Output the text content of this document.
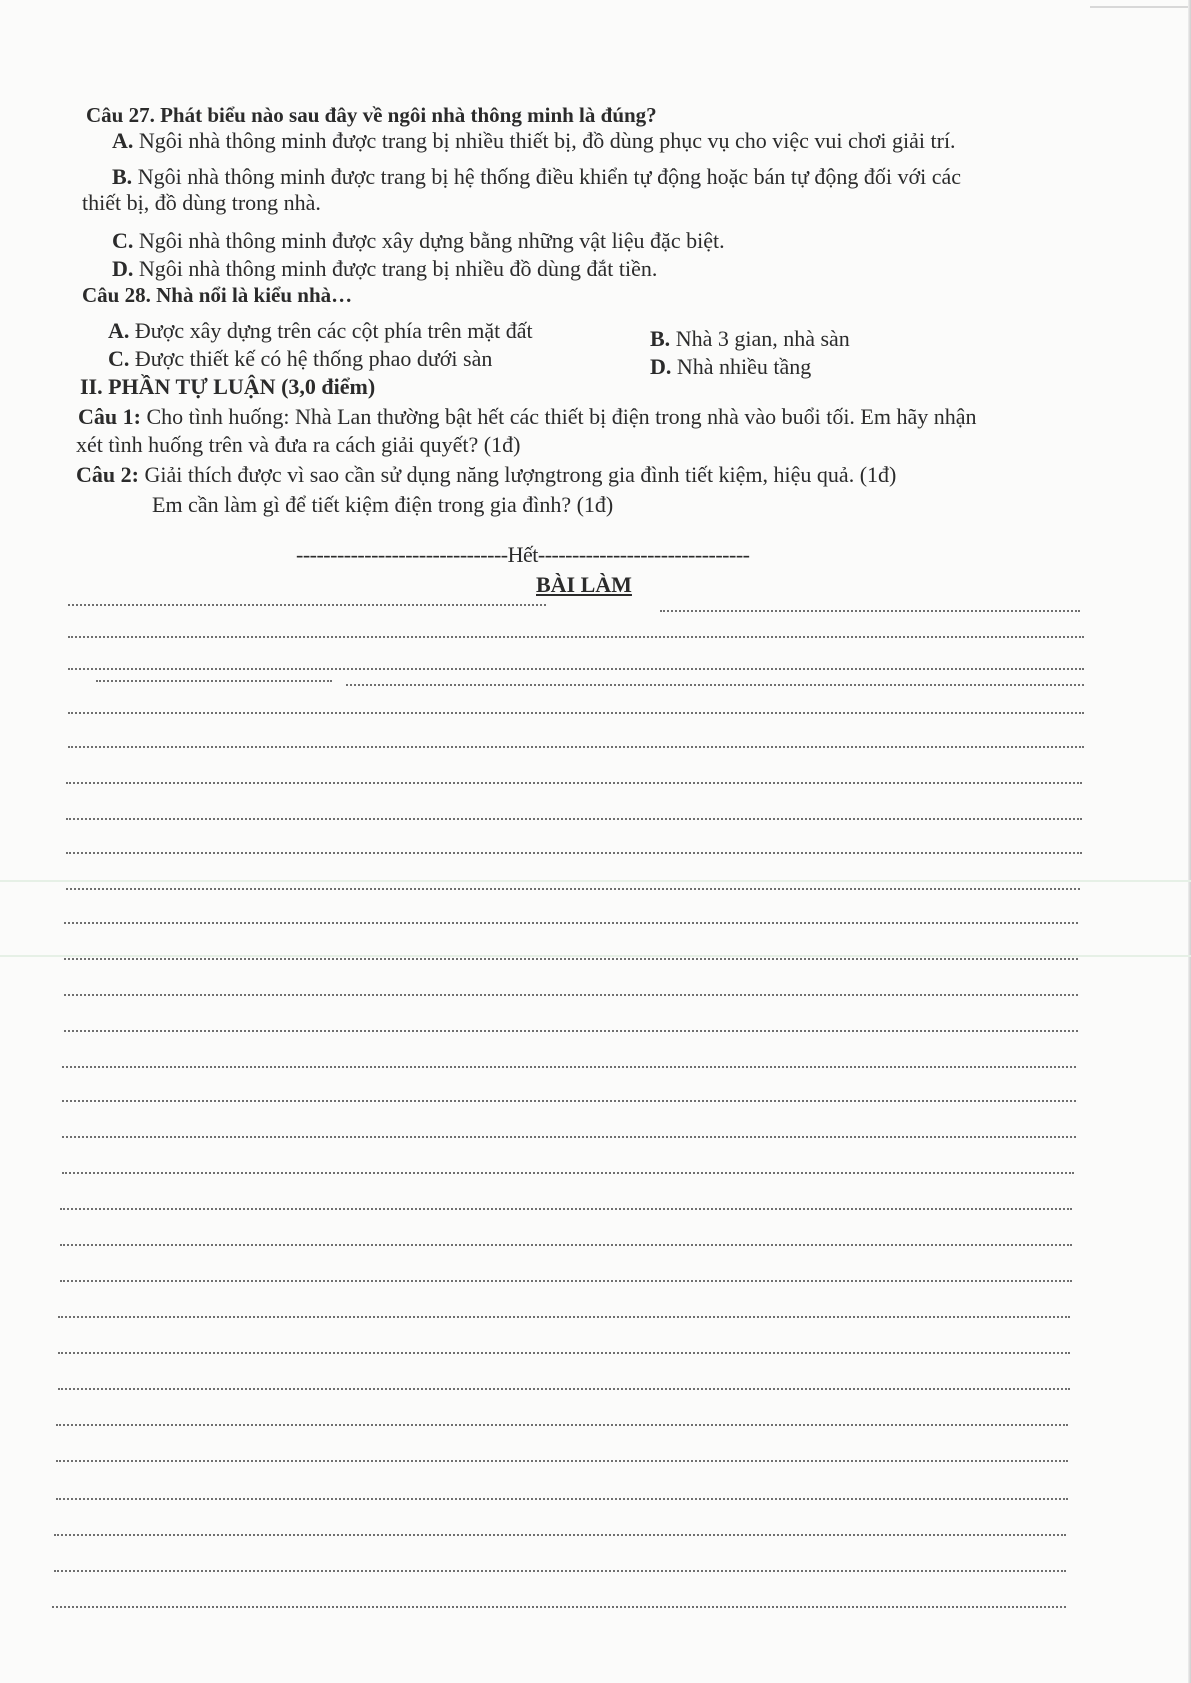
Câu 27. Phát biểu nào sau đây về ngôi nhà thông minh là đúng?
A. Ngôi nhà thông minh được trang bị nhiều thiết bị, đồ dùng phục vụ cho việc vui chơi giải trí.
B. Ngôi nhà thông minh được trang bị hệ thống điều khiển tự động hoặc bán tự động đối với các
thiết bị, đồ dùng trong nhà.
C. Ngôi nhà thông minh được xây dựng bằng những vật liệu đặc biệt.
D. Ngôi nhà thông minh được trang bị nhiều đồ dùng đắt tiền.
Câu 28. Nhà nổi là kiểu nhà…
A. Được xây dựng trên các cột phía trên mặt đất	B. Nhà 3 gian, nhà sàn
C. Được thiết kế có hệ thống phao dưới sàn	D. Nhà nhiều tầng
II. PHẦN TỰ LUẬN (3,0 điểm)
Câu 1: Cho tình huống: Nhà Lan thường bật hết các thiết bị điện trong nhà vào buổi tối. Em hãy nhận
xét tình huống trên và đưa ra cách giải quyết? (1đ)
Câu 2: Giải thích được vì sao cần sử dụng năng lượngtrong gia đình tiết kiệm, hiệu quả. (1đ)
Em cần làm gì để tiết kiệm điện trong gia đình? (1đ)
-------------------------------Hết-------------------------------
BÀI LÀM
